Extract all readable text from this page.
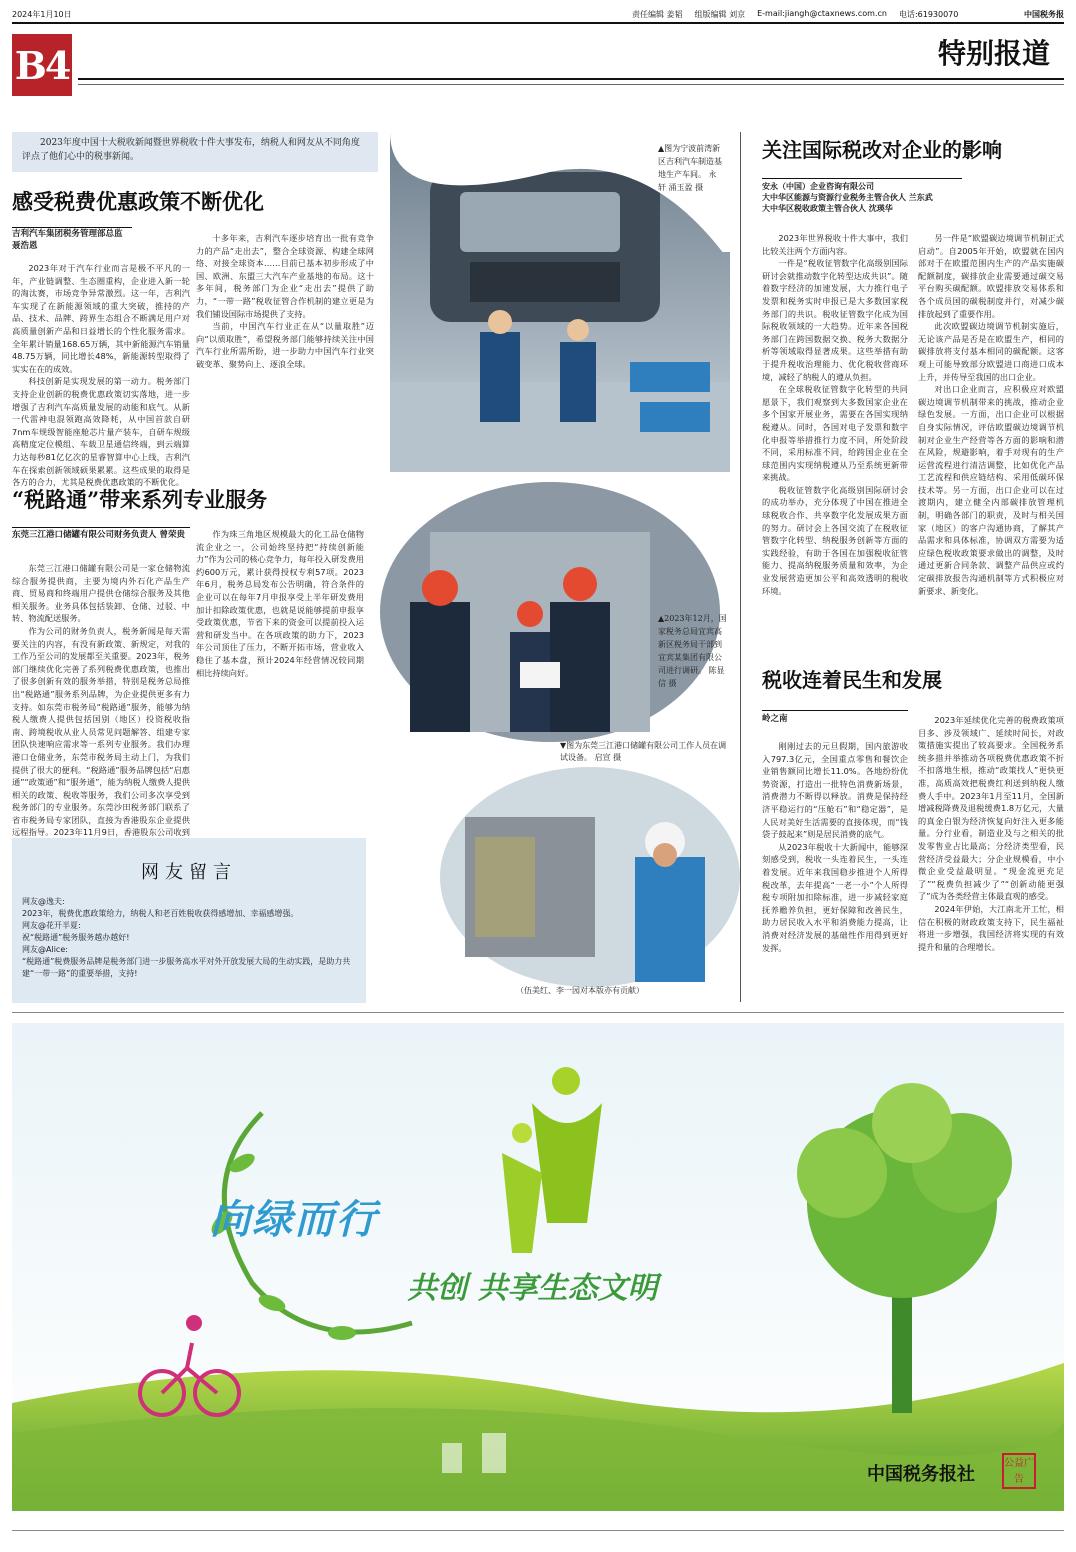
2024年1月10日	责任编辑 姜韬 组版编辑 刘京 E-mail:jiangh@ctaxnews.com.cn 电话:61930070	中国税务报
B4	特别报道
2023年度中国十大税收新闻暨世界税收十件大事发布，纳税人和网友从不同角度评点了他们心中的税事新闻。
感受税费优惠政策不断优化
吉利汽车集团税务管理部总监 聂浩恩

2023年对于汽车行业而言是极不平凡的一年，产业链调整、生态圈重构，企业进入新一轮的淘汰赛，市场竞争异常激烈。这一年，吉利汽车实现了在新能源领域的重大突破，推持的产品、技术、品牌、跨界生态组合不断满足用户对高质量创新产品和日益增长的个性化服务需求。全年累计销量168.65万辆，其中新能源汽车销量48.75万辆，同比增长48%，新能源转型取得了实实在在的成效。

科技创新是实现发展的第一动力。税务部门支持企业创新的税费优惠政策切实落地，进一步增强了吉利汽车高质量发展的动能和底气。从新一代雷神电混领跑高效降耗，从中国首款自研7nm车规级智能座舱芯片量产装车，自研车规级高精度定位模组、车载卫星通信终端，到云端算力达每秒81亿亿次的星睿智算中心上线，吉利汽车在探索创新领域硕果累累。这些成果的取得是各方的合力，尤其是税费优惠政策的不断优化。

十多年来，吉利汽车逐步培育出一批有竞争力的产品“走出去”，整合全球资源、构建全球网络、对接全球资本……目前已基本初步形成了中国、欧洲、东盟三大汽车产业基地的布局。这十多年间，税务部门为企业“走出去”提供了助力，“一带一路”税收征管合作机制的建立更是为我们铺设国际市场提供了支持。

当前，中国汽车行业正在从“以量取胜”迈向“以质取胜”，希望税务部门能够持续关注中国汽车行业所需所盼，进一步助力中国汽车行业突破变革、聚势向上、逐浪全球。

▲图为宁波前湾新区吉利汽车制造基地生产车间。 永轩 涌玉盈 摄
“税路通”带来系列专业服务
东莞三江港口储罐有限公司财务负责人 曾荣贵

东莞三江港口储罐有限公司是一家仓储物流综合服务提供商，主要为境内外石化产品生产商、贸易商和终端用户提供仓储综合服务及其他相关服务。业务具体包括装卸、仓储、过驳、中转、物流配送服务。

作为公司的财务负责人，税务新闻是每天需要关注的内容，有没有新政策、新规定，对我的工作乃至公司的发展都至关重要。2023年，税务部门继续优化完善了系列税费优惠政策，也推出了很多创新有效的服务举措，特别是税务总局推出“税路通”服务系列品牌，为企业提供更多有力支持。如东莞市税务局“税路通”服务，能够为纳税人缴费人提供包括国别（地区）投资税收指南、跨境税收从业人员常见问题解答、组建专家团队快速响应需求等一系列专业服务。我们办理港口仓储业务，东莞市税务局主动上门，为我们提供了很大的便利。“税路通”服务品牌包括“启惠通”“政策通”和“服务通”，能为纳税人缴费人提供相关的政策、税收等服务，我们公司多次享受到税务部门的专业服务。东莞沙田税务部门联系了省市税务局专家团队，直接为香港股东企业提供远程指导。2023年11月9日，香港股东公司收到

作为珠三角地区规模最大的化工品仓储物流企业之一，公司始终坚持把“持续创新能力”作为公司的核心竞争力，每年投入研发费用约600万元，累计获得授权专利57项。2023年6月，税务总局发布公告明确，符合条件的企业可以在每年7月申报享受上半年研发费用加计扣除政策优惠，也就是说能够提前申报享受政策优惠，节省下来的资金可以提前投入运营和研发当中。在各项政策的助力下，2023年公司顶住了压力，不断开拓市场，营业收入稳住了基本盘，预计2024年经营情况较同期相比持续向好。

▲2023年12月，国家税务总局宜宾高新区税务局干部到宜宾某集团有限公司进行调研。 陈显信 摄
▼图为东莞三江港口储罐有限公司工作人员在调试设备。 启宣 摄
（伍美红、李一园对本版亦有贡献）
网友留言
网友@逸夫:
2023年，税费优惠政策给力，纳税人和老百姓税收获得感增加、幸福感增强。
网友@花开半夏:
祝“税路通”税务服务越办越好!
网友@Alice:
“税路通”税费服务品牌是税务部门进一步服务高水平对外开放发展大局的生动实践，是助力共建“一带一路”的重要举措，支持!
关注国际税改对企业的影响
安永（中国）企业咨询有限公司
大中华区能源与资源行业税务主管合伙人 兰东武
大中华区税收政策主管合伙人 沈瑛华

2023年世界税收十件大事中，我们比较关注两个方面内容。

一件是“税收征管数字化高级别国际研讨会就推动数字化转型达成共识”。随着数字经济的加速发展，大力推行电子发票和税务实时申报已是大多数国家税务部门的共识。税收征管数字化成为国际税收领域的一大趋势。近年来各国税务部门在跨国数据交换、税务大数据分析等领域取得显著成果。这些举措有助于提升税收治理能力、优化税收营商环境，减轻了纳税人的遵从负担。

在全球税收征管数字化转型的共同愿景下，我们观察到大多数国家企业在多个国家开展业务，需要在各国实现纳税遵从。同时，各国对电子发票和数字化申报等举措推行力度不同，所处阶段不同，采用标准不同，给跨国企业在全球范围内实现纳税遵从乃至系统更新带来挑战。

税收征管数字化高级别国际研讨会的成功举办，充分体现了中国在推进全球税收合作、共享数字化发展成果方面的努力。研讨会上各国交流了在税收征管数字化转型、纳税服务创新等方面的实践经验，有助于各国在加强税收征管能力、提高纳税服务质量和效率，为企业发展营造更加公平和高效透明的税收环境。

另一件是“欧盟碳边境调节机制正式启动”。自2005年开始，欧盟就在国内部对于在欧盟范围内生产的产品实施碳配额制度，碳排放企业需要通过碳交易平台购买碳配额。欧盟排放交易体系和各个成员国的碳税制度并行，对减少碳排放起到了重要作用。

此次欧盟碳边境调节机制实施后，无论该产品是否是在欧盟生产，相同的碳排放将支付基本相同的碳配额。这客观上可能导致部分欧盟进口商进口成本上升，并传导至我国的出口企业。

对出口企业而言，应积极应对欧盟碳边境调节机制带来的挑战，推动企业绿色发展。一方面，出口企业可以根据自身实际情况，评估欧盟碳边境调节机制对企业生产经营等各方面的影响和潜在风险，规避影响，着手对现有的生产运营流程进行清洁调整，比如优化产品工艺流程和供应链结构、采用低碳环保技术等。另一方面，出口企业可以在过渡期内，建立健全内部碳排放管理机制，明确各部门的职责，及时与相关国家（地区）的客户沟通协商，了解其产品需求和具体标准，协调双方需要为适应绿色税收政策要求做出的调整，及时通过更新合同条款、调整产品供应或约定碳排放报告沟通机制等方式积极应对新要求、新变化。

税收连着民生和发展
岭之南

刚刚过去的元旦假期，国内旅游收入797.3亿元，全国重点零售和餐饮企业销售额同比增长11.0%。各地纷纷优势资源，打造出一批特色消费新场景，消费潜力不断得以释放。消费是保持经济平稳运行的“压舱石”和“稳定器”，是人民对美好生活需要的直接体现，而“钱袋子鼓起来”则是居民消费的底气。

从2023年税收十大新闻中，能够深刻感受到，税收一头连着民生，一头连着发展。近年来我国稳步推进个人所得税改革，去年提高“一老一小”个人所得税专项附加扣除标准，进一步减轻家庭抚养赡养负担，更好保障和改善民生，助力居民收入水平和消费能力提高，让消费对经济发展的基础性作用得到更好发挥。

2023年延续优化完善的税费政策项目多、涉及领域广、延续时间长，对政策措施实提出了较高要求。全国税务系统多措并举推动各项税费优惠政策不折不扣落地生根，推动“政策找人”更快更准，高质高效把税费红利送到纳税人缴费人手中。2023年1月至11月，全国新增减税降费及退税缓费1.8万亿元，大量的真金白银为经济恢复向好注入更多能量。分行业看，制造业及与之相关的批发零售业占比最高；分经济类型看，民营经济受益最大；分企业规模看，中小微企业受益最明显。“现金流更充足了”“税费负担减少了”“创新动能更强了”成为各类经营主体最直观的感受。

2024年伊始，大江南北开工忙，相信在积极的财政政策支持下，民生福祉将进一步增强，我国经济将实现的有效提升和量的合理增长。

向绿而行
共创 共享生态文明
中国税务报社
公益广告
